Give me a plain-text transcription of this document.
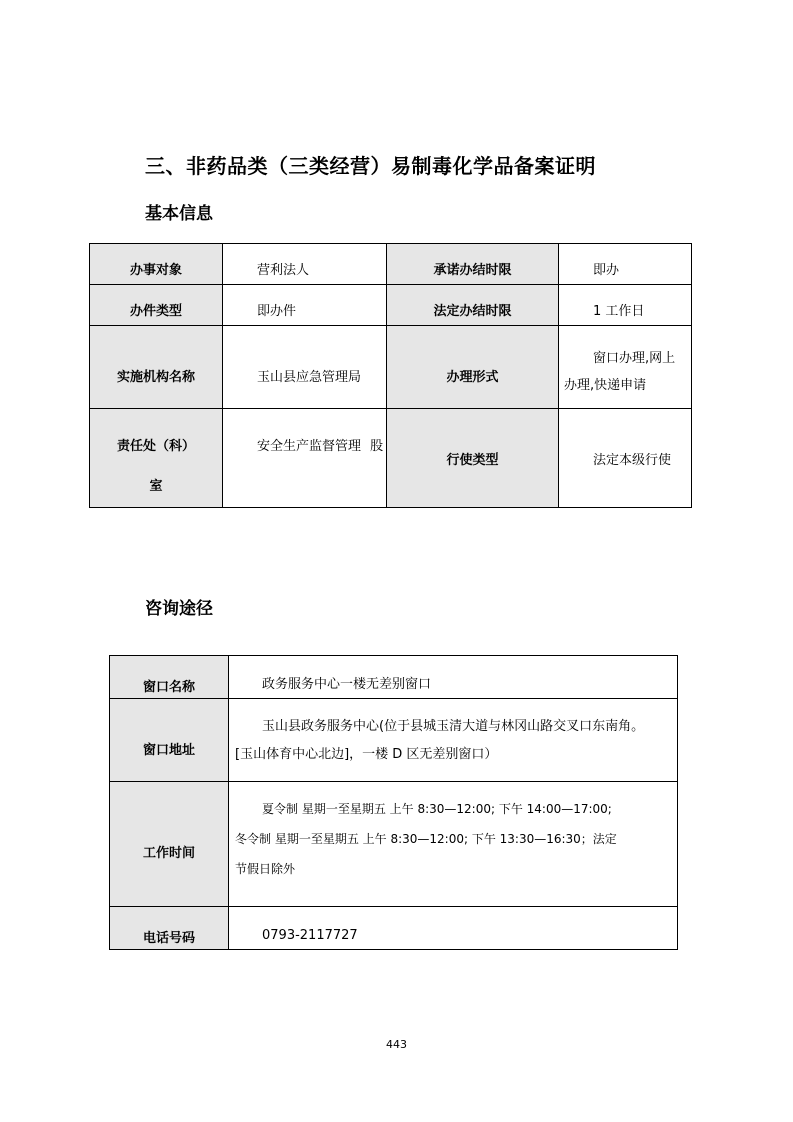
三、非药品类（三类经营）易制毒化学品备案证明
基本信息
办事对象	营利法人	承诺办结时限	即办

办件类型	即办件	法定办结时限	1 工作日

实施机构名称	玉山县应急管理局	办理形式	窗口办理,网上 办理,快递申请

责任处（科）
室	安全生产监督管理 股	行使类型	法定本级行使
咨询途径
窗口名称	政务服务中心一楼无差别窗口

窗口地址	玉山县政务服务中心(位于县城玉清大道与林冈山路交叉口东南角。
[玉山体育中心北边]，一楼 D 区无差别窗口）

工作时间	夏令制 星期一至星期五 上午 8:30—12:00; 下午 14:00—17:00;
冬令制 星期一至星期五 上午 8:30—12:00; 下午 13:30—16:30；法定
节假日除外

电话号码	0793-2117727
443
